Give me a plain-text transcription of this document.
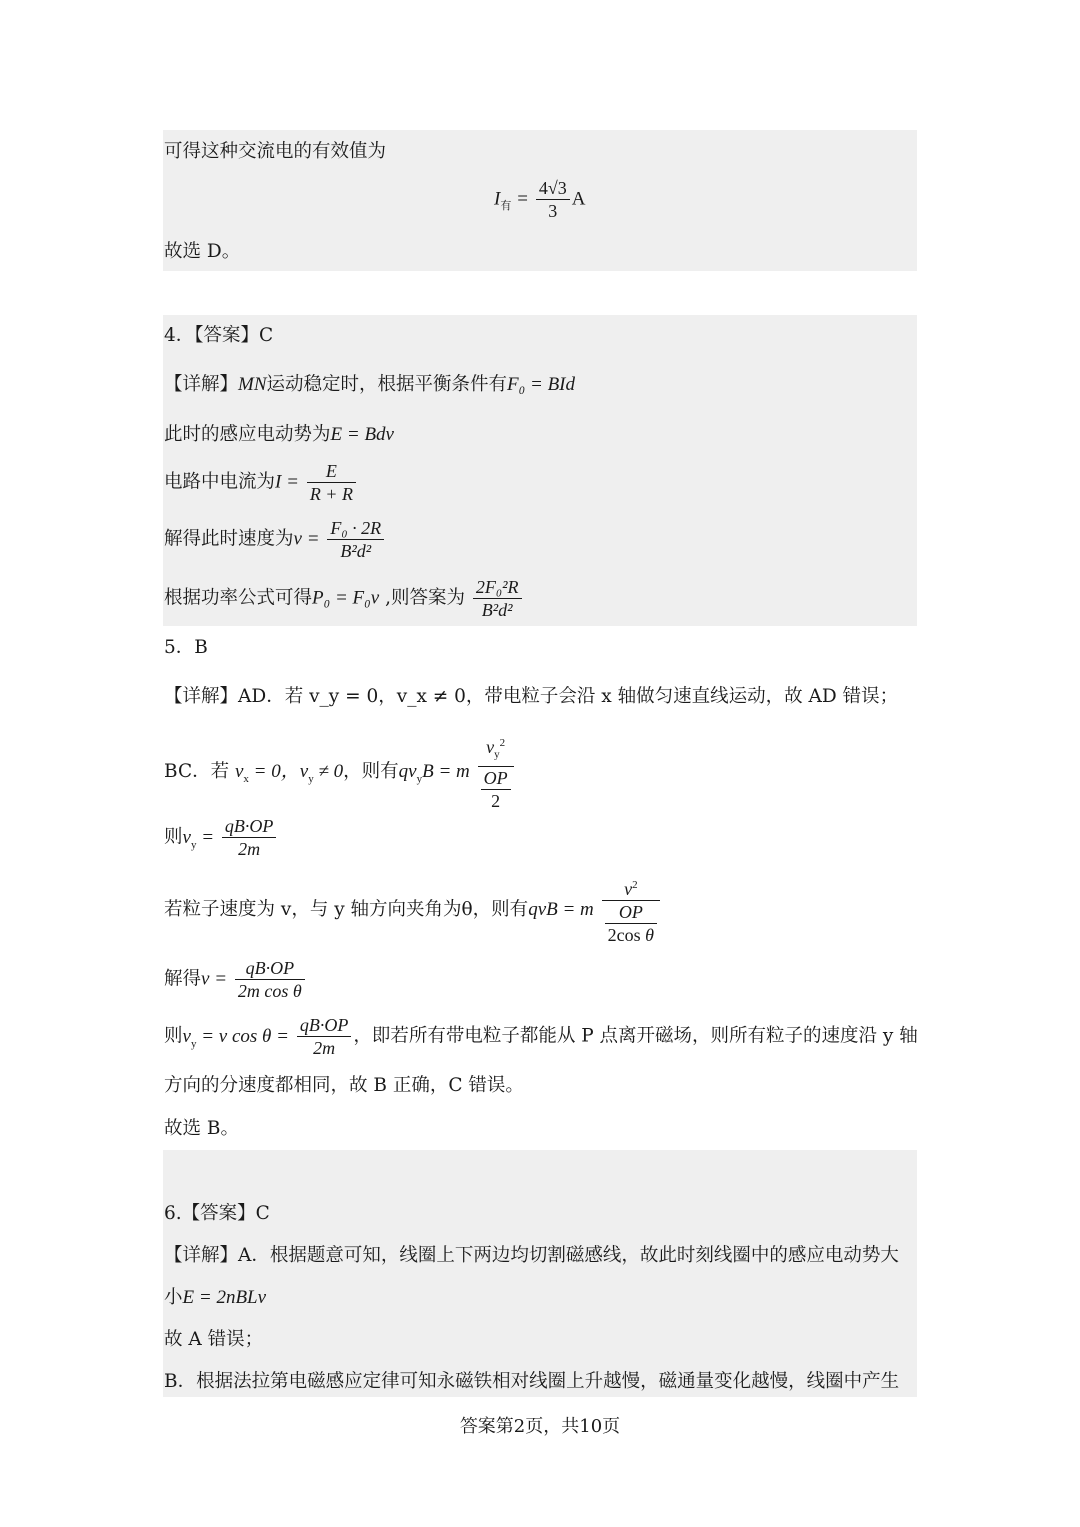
可得这种交流电的有效值为
$I_有 = \frac{4√3}{3}$ A
故选 D。
4．【答案】C
【详解】MN运动稳定时，根据平衡条件有F₀ = BId
此时的感应电动势为E = Bdv
电路中电流为$I = \frac{E}{R + R}$
解得此时速度为$v = \frac{\text{F₀ · 2R}}{\text{B²d²}}$
根据功率公式可得P₀ = F₀v ,则答案为 $\frac{\text{2F₀²R}}{\text{B²d²}}$
5．B
【详解】AD．若 v_y = 0，v_x ≠ 0，带电粒子会沿 x 轴做匀速直线运动，故 AD 错误；
BC．若 $v_x = 0$，$v_y \ne 0$，则有$qv_yB = m \frac{v_y^2}{\frac{OP}{2}}$
则$v_y = \frac{qB\cdot OP}{2m}$
若粒子速度为 v，与 y 轴方向夹角为θ，则有qvB = m $\frac{v^2}{\frac{OP}{\text{2cos θ}}}$
解得$v = \frac{qB\cdot OP}{\text{2m cos θ}}$
则$v_y = v$ $\cos \theta = \frac{qB\cdot OP}{2m}$ ，即若所有带电粒子都能从 P 点离开磁场，则所有粒子的速度沿 y 轴
方向的分速度都相同，故 B 正确，C 错误。
故选 B。
6.【答案】C
【详解】A．根据题意可知，线圈上下两边均切割磁感线，故此时刻线圈中的感应电动势大
小E = 2nBLv
故 A 错误；
B．根据法拉第电磁感应定律可知永磁铁相对线圈上升越慢，磁通量变化越慢，线圈中产生
答案第2页，共10页
